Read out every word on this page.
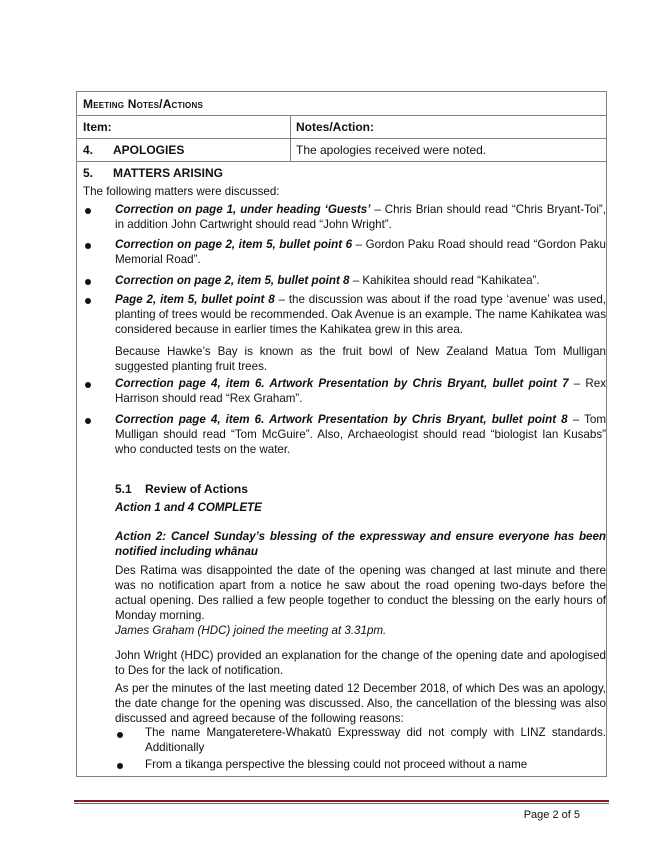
Meeting Notes/Actions
Item:	Notes/Action:
4. APOLOGIES	The apologies received were noted.
5. MATTERS ARISING
The following matters were discussed:
Correction on page 1, under heading ‘Guests’ – Chris Brian should read “Chris Bryant-Toi”, in addition John Cartwright should read “John Wright”.
Correction on page 2, item 5, bullet point 6 – Gordon Paku Road should read “Gordon Paku Memorial Road”.
Correction on page 2, item 5, bullet point 8 – Kahikitea should read “Kahikatea”.
Page 2, item 5, bullet point 8 – the discussion was about if the road type ‘avenue’ was used, planting of trees would be recommended. Oak Avenue is an example. The name Kahikatea was considered because in earlier times the Kahikatea grew in this area.
Because Hawke’s Bay is known as the fruit bowl of New Zealand Matua Tom Mulligan suggested planting fruit trees.
Correction page 4, item 6. Artwork Presentation by Chris Bryant, bullet point 7 – Rex Harrison should read “Rex Graham”.
Correction page 4, item 6. Artwork Presentation by Chris Bryant, bullet point 8 – Tom Mulligan should read “Tom McGuire”. Also, Archaeologist should read “biologist Ian Kusabs” who conducted tests on the water.
5.1 Review of Actions
Action 1 and 4 COMPLETE
Action 2: Cancel Sunday’s blessing of the expressway and ensure everyone has been notified including whānau
Des Ratima was disappointed the date of the opening was changed at last minute and there was no notification apart from a notice he saw about the road opening two-days before the actual opening. Des rallied a few people together to conduct the blessing on the early hours of Monday morning.
James Graham (HDC) joined the meeting at 3.31pm.
John Wright (HDC) provided an explanation for the change of the opening date and apologised to Des for the lack of notification.
As per the minutes of the last meeting dated 12 December 2018, of which Des was an apology, the date change for the opening was discussed. Also, the cancellation of the blessing was also discussed and agreed because of the following reasons:
The name Mangateretere-Whakatū Expressway did not comply with LINZ standards. Additionally
From a tikanga perspective the blessing could not proceed without a name
Page 2 of 5
